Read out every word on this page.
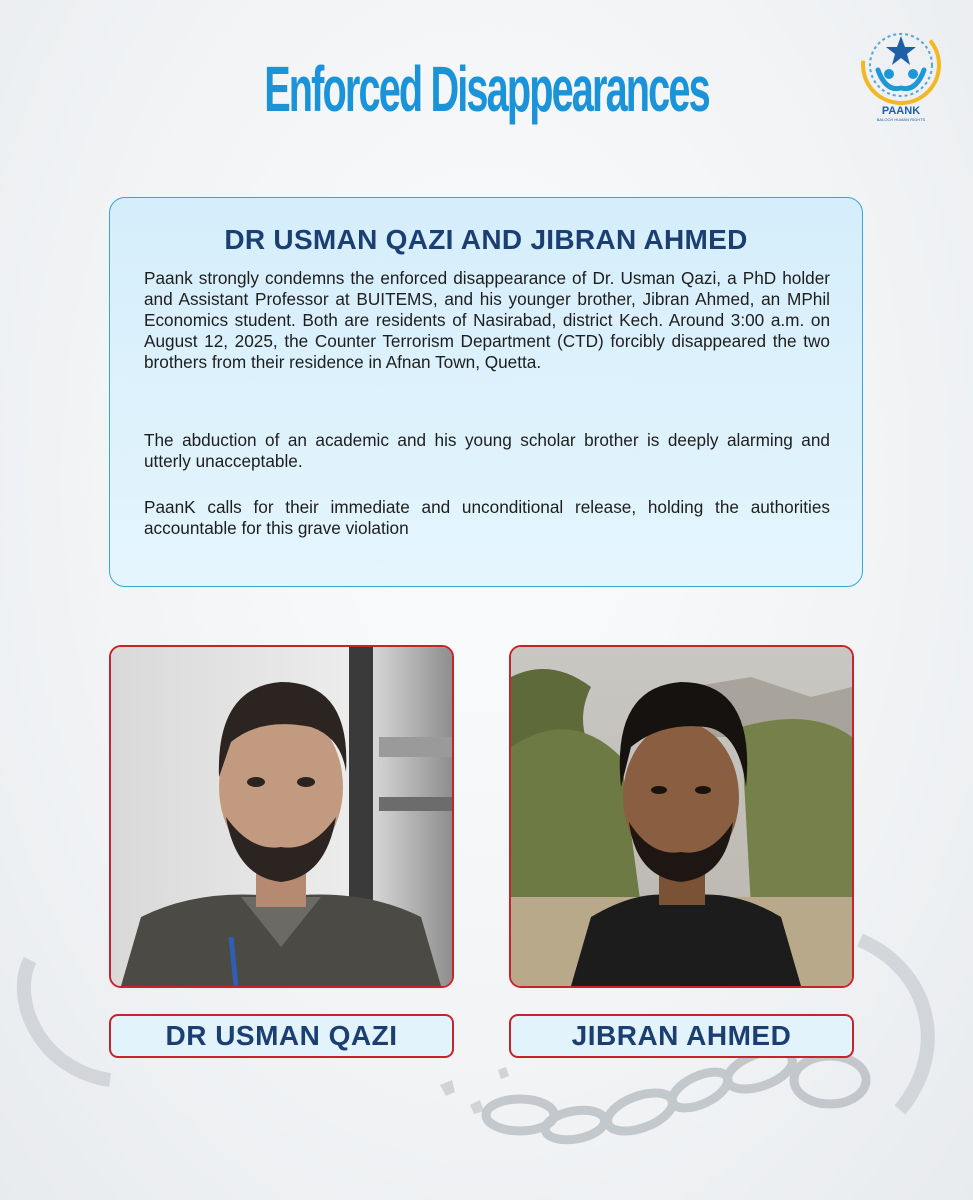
Enforced Disappearances	PAANK
BALOCH HUMAN RIGHTS
DR USMAN QAZI AND JIBRAN AHMED

Paank strongly condemns the enforced disappearance of Dr. Usman Qazi, a PhD holder and Assistant Professor at BUITEMS, and his younger brother, Jibran Ahmed, an MPhil Economics student. Both are residents of Nasirabad, district Kech. Around 3:00 a.m. on August 12, 2025, the Counter Terrorism Department (CTD) forcibly disappeared the two brothers from their residence in Afnan Town, Quetta.

The abduction of an academic and his young scholar brother is deeply alarming and utterly unacceptable.

PaanK calls for their immediate and unconditional release, holding the authorities accountable for this grave violation

DR USMAN QAZI	JIBRAN AHMED
